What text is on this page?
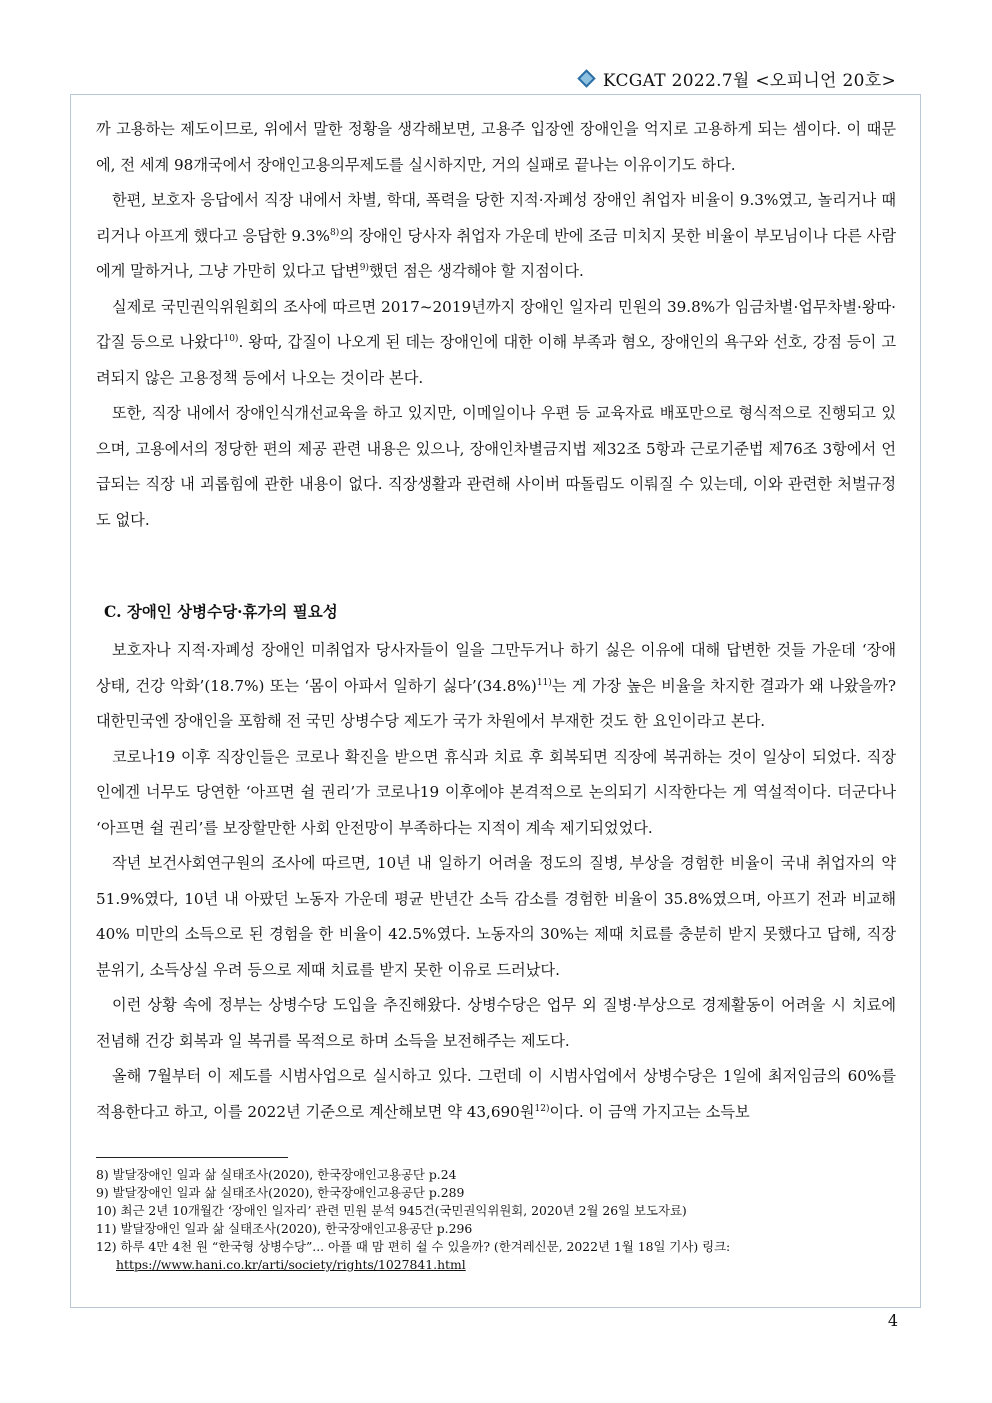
KCGAT 2022.7월 <오피니언 20호>

까 고용하는 제도이므로, 위에서 말한 정황을 생각해보면, 고용주 입장엔 장애인을 억지로 고용하게 되는 셈이다. 이 때문에, 전 세계 98개국에서 장애인고용의무제도를 실시하지만, 거의 실패로 끝나는 이유이기도 하다.

한편, 보호자 응답에서 직장 내에서 차별, 학대, 폭력을 당한 지적·자폐성 장애인 취업자 비율이 9.3%였고, 놀리거나 때리거나 아프게 했다고 응답한 9.3%$^{8)}$의 장애인 당사자 취업자 가운데 반에 조금 미치지 못한 비율이 부모님이나 다른 사람에게 말하거나, 그냥 가만히 있다고 답변$^{9)}$했던 점은 생각해야 할 지점이다.

실제로 국민권익위원회의 조사에 따르면 2017~2019년까지 장애인 일자리 민원의 39.8%가 임금차별·업무차별·왕따·갑질 등으로 나왔다$^{10)}$. 왕따, 갑질이 나오게 된 데는 장애인에 대한 이해 부족과 혐오, 장애인의 욕구와 선호, 강점 등이 고려되지 않은 고용정책 등에서 나오는 것이라 본다.

또한, 직장 내에서 장애인식개선교육을 하고 있지만, 이메일이나 우편 등 교육자료 배포만으로 형식적으로 진행되고 있으며, 고용에서의 정당한 편의 제공 관련 내용은 있으나, 장애인차별금지법 제32조 5항과 근로기준법 제76조 3항에서 언급되는 직장 내 괴롭힘에 관한 내용이 없다. 직장생활과 관련해 사이버 따돌림도 이뤄질 수 있는데, 이와 관련한 처벌규정도 없다.

C. 장애인 상병수당·휴가의 필요성

보호자나 지적·자폐성 장애인 미취업자 당사자들이 일을 그만두거나 하기 싫은 이유에 대해 답변한 것들 가운데 ‘장애 상태, 건강 악화’(18.7%) 또는 ‘몸이 아파서 일하기 싫다$’(34.8\%)^{11)}$는 게 가장 높은 비율을 차지한 결과가 왜 나왔을까? 대한민국엔 장애인을 포함해 전 국민 상병수당 제도가 국가 차원에서 부재한 것도 한 요인이라고 본다.

코로나19 이후 직장인들은 코로나 확진을 받으면 휴식과 치료 후 회복되면 직장에 복귀하는 것이 일상이 되었다. 직장인에겐 너무도 당연한 ‘아프면 쉴 권리’가 코로나19 이후에야 본격적으로 논의되기 시작한다는 게 역설적이다. 더군다나 ‘아프면 쉴 권리’를 보장할만한 사회 안전망이 부족하다는 지적이 계속 제기되었었다.

작년 보건사회연구원의 조사에 따르면, 10년 내 일하기 어려울 정도의 질병, 부상을 경험한 비율이 국내 취업자의 약 51.9%였다, 10년 내 아팠던 노동자 가운데 평균 반년간 소득 감소를 경험한 비율이 35.8%였으며, 아프기 전과 비교해 40% 미만의 소득으로 된 경험을 한 비율이 42.5%였다. 노동자의 30%는 제때 치료를 충분히 받지 못했다고 답해, 직장 분위기, 소득상실 우려 등으로 제때 치료를 받지 못한 이유로 드러났다.

이런 상황 속에 정부는 상병수당 도입을 추진해왔다. 상병수당은 업무 외 질병·부상으로 경제활동이 어려울 시 치료에 전념해 건강 회복과 일 복귀를 목적으로 하며 소득을 보전해주는 제도다.

올해 7월부터 이 제도를 시범사업으로 실시하고 있다. 그런데 이 시범사업에서 상병수당은 1일에 최저임금의 60%를 적용한다고 하고, 이를 2022년 기준으로 계산해보면 약 43,690원$^{12)}$이다. 이 금액 가지고는 소득보

8) 발달장애인 일과 삶 실태조사(2020), 한국장애인고용공단 p.24

9) 발달장애인 일과 삶 실태조사(2020), 한국장애인고용공단 p.289

10) 최근 2년 10개월간 ‘장애인 일자리’ 관련 민원 분석 945건(국민권익위원회, 2020년 2월 26일 보도자료)

11) 발달장애인 일과 삶 실태조사(2020), 한국장애인고용공단 p.296

12) 하루 4만 4천 원 “한국형 상병수당”... 아플 때 맘 편히 쉴 수 있을까? (한겨레신문, 2022년 1월 18일 기사) 링크:
https://www.hani.co.kr/arti/society/rights/1027841.html

4
